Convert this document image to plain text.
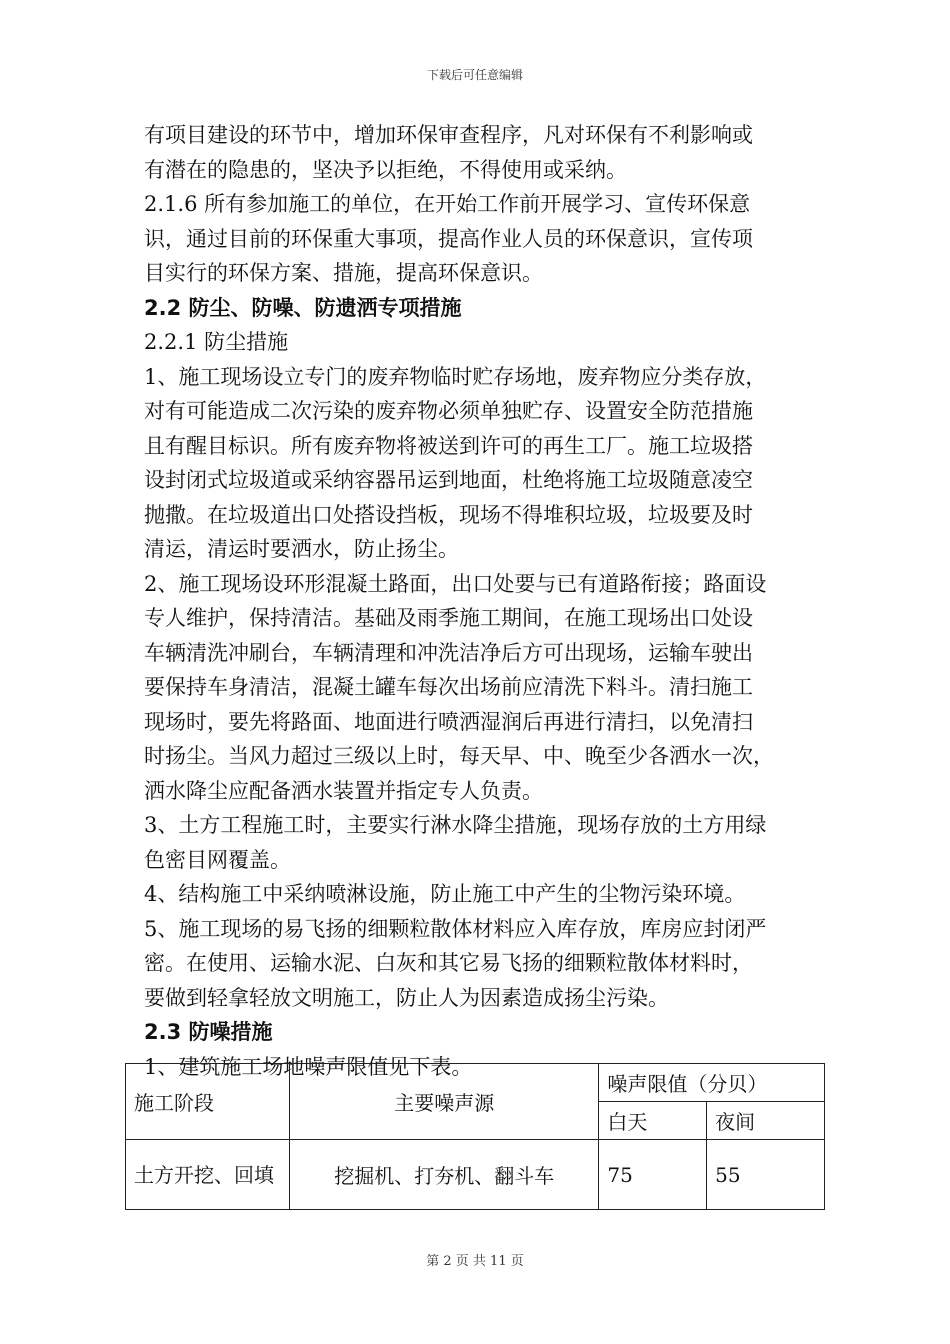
下载后可任意编辑
有项目建设的环节中，增加环保审查程序，凡对环保有不利影响或
有潜在的隐患的，坚决予以拒绝，不得使用或采纳。
2.1.6 所有参加施工的单位，在开始工作前开展学习、宣传环保意
识，通过目前的环保重大事项，提高作业人员的环保意识，宣传项
目实行的环保方案、措施，提高环保意识。
2.2 防尘、防噪、防遗洒专项措施
2.2.1 防尘措施
1、施工现场设立专门的废弃物临时贮存场地，废弃物应分类存放，
对有可能造成二次污染的废弃物必须单独贮存、设置安全防范措施
且有醒目标识。所有废弃物将被送到许可的再生工厂。施工垃圾搭
设封闭式垃圾道或采纳容器吊运到地面，杜绝将施工垃圾随意凌空
抛撒。在垃圾道出口处搭设挡板，现场不得堆积垃圾，垃圾要及时
清运，清运时要洒水，防止扬尘。
2、施工现场设环形混凝土路面，出口处要与已有道路衔接；路面设
专人维护，保持清洁。基础及雨季施工期间，在施工现场出口处设
车辆清洗冲刷台，车辆清理和冲洗洁净后方可出现场，运输车驶出
要保持车身清洁，混凝土罐车每次出场前应清洗下料斗。清扫施工
现场时，要先将路面、地面进行喷洒湿润后再进行清扫，以免清扫
时扬尘。当风力超过三级以上时，每天早、中、晚至少各洒水一次，
洒水降尘应配备洒水装置并指定专人负责。
3、土方工程施工时，主要实行淋水降尘措施，现场存放的土方用绿
色密目网覆盖。
4、结构施工中采纳喷淋设施，防止施工中产生的尘物污染环境。
5、施工现场的易飞扬的细颗粒散体材料应入库存放，库房应封闭严
密。在使用、运输水泥、白灰和其它易飞扬的细颗粒散体材料时，
要做到轻拿轻放文明施工，防止人为因素造成扬尘污染。
2.3 防噪措施
1、建筑施工场地噪声限值见下表。
施工阶段	主要噪声源	噪声限值（分贝）	
		白天	夜间
土方开挖、回填	挖掘机、打夯机、翻斗车	75	55
第 2 页 共 11 页
